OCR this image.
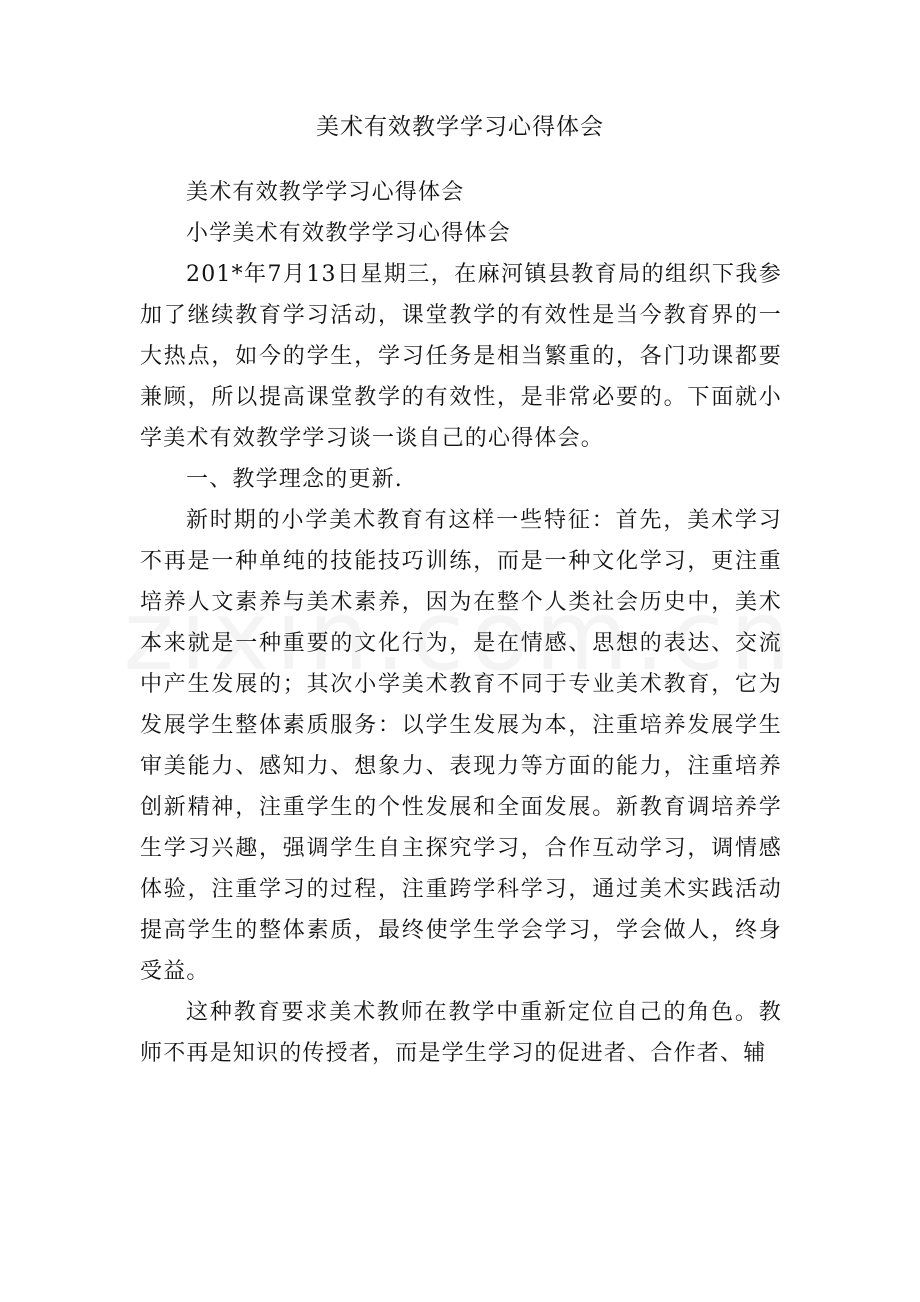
美术有效教学学习心得体会

美术有效教学学习心得体会

小学美术有效教学学习心得体会

201*年7月13日星期三，在麻河镇县教育局的组织下我参加了继续教育学习活动，课堂教学的有效性是当今教育界的一大热点，如今的学生，学习任务是相当繁重的，各门功课都要兼顾，所以提高课堂教学的有效性，是非常必要的。下面就小学美术有效教学学习谈一谈自己的心得体会。

一、教学理念的更新.

新时期的小学美术教育有这样一些特征：首先，美术学习不再是一种单纯的技能技巧训练，而是一种文化学习，更注重培养人文素养与美术素养，因为在整个人类社会历史中，美术本来就是一种重要的文化行为，是在情感、思想的表达、交流中产生发展的；其次小学美术教育不同于专业美术教育，它为发展学生整体素质服务：以学生发展为本，注重培养发展学生审美能力、感知力、想象力、表现力等方面的能力，注重培养创新精神，注重学生的个性发展和全面发展。新教育调培养学生学习兴趣，强调学生自主探究学习，合作互动学习，调情感体验，注重学习的过程，注重跨学科学习，通过美术实践活动提高学生的整体素质，最终使学生学会学习，学会做人，终身受益。

这种教育要求美术教师在教学中重新定位自己的角色。教师不再是知识的传授者，而是学生学习的促进者、合作者、辅
